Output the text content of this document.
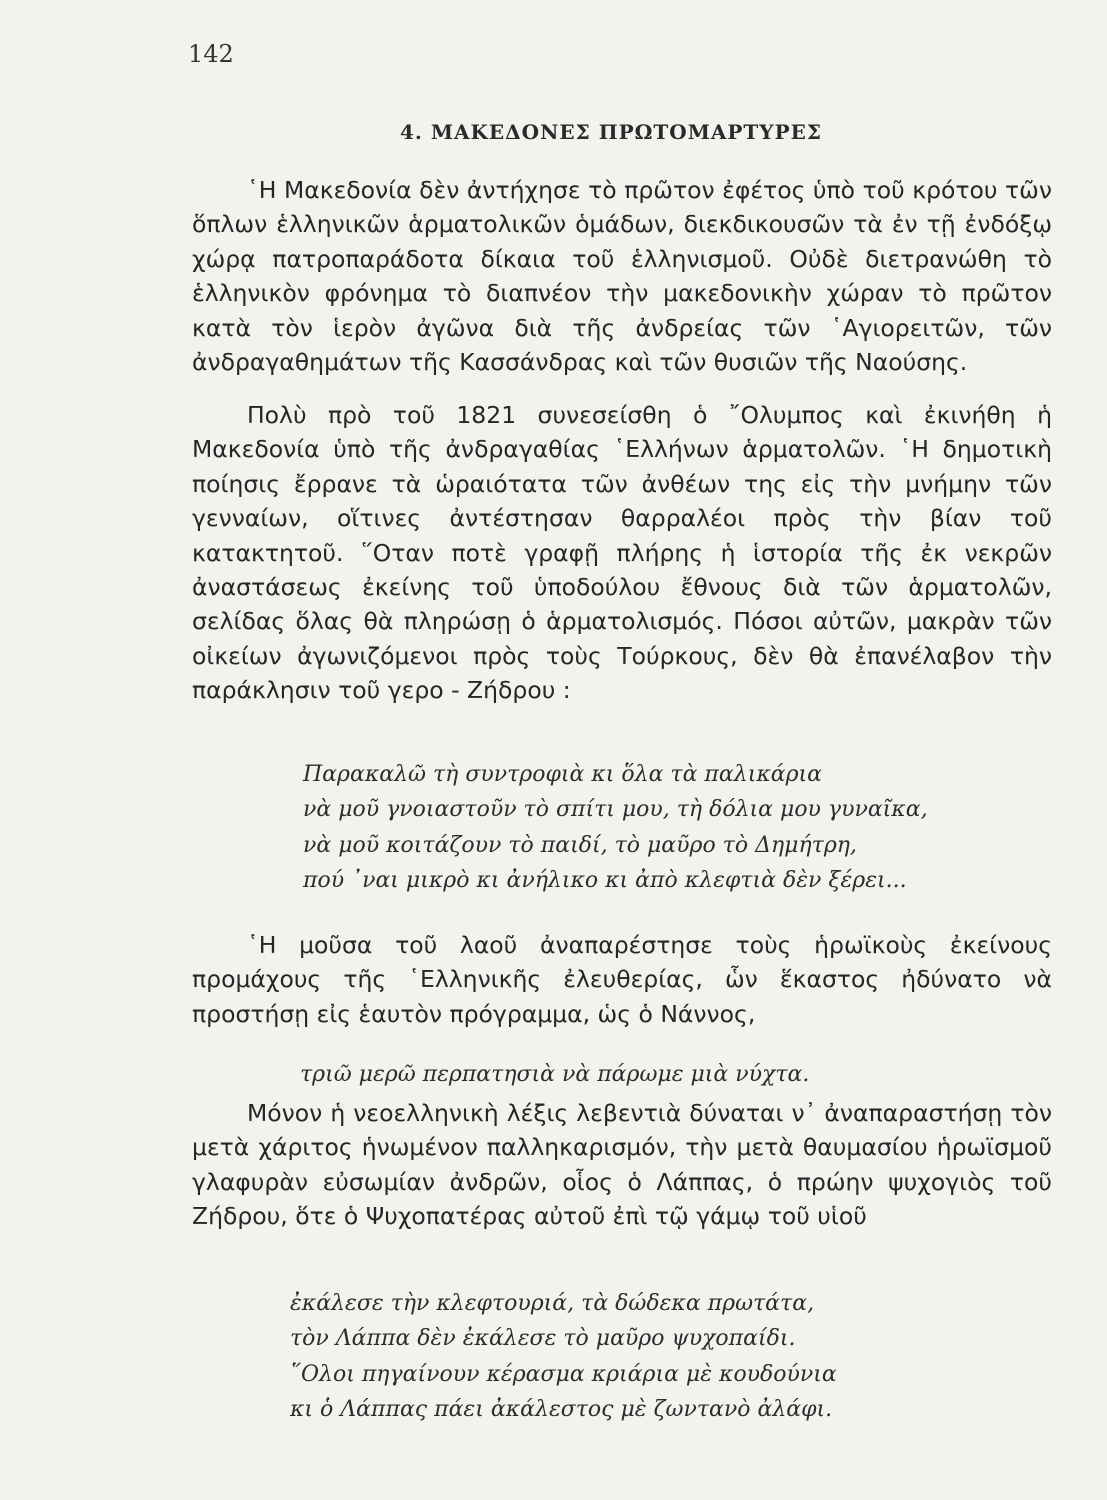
142
4. ΜΑΚΕΔΟΝΕΣ ΠΡΩΤΟΜΑΡΤΥΡΕΣ

῾Η Μακεδονία δὲν ἀντήχησε τὸ πρῶτον ἐφέτος ὑπὸ τοῦ κρότου τῶν ὅπλων ἑλληνικῶν ἁρματολικῶν ὁμάδων, διεκδικουσῶν τὰ ἐν τῇ ἐνδόξῳ χώρᾳ πατροπαράδοτα δίκαια τοῦ ἑλληνισμοῦ. Οὐδὲ διετρανώθη τὸ ἑλληνικὸν φρόνημα τὸ διαπνέον τὴν μακεδονικὴν χώραν τὸ πρῶτον κατὰ τὸν ἱερὸν ἀγῶνα διὰ τῆς ἀνδρείας τῶν ῾Αγιορειτῶν, τῶν ἀνδραγαθημάτων τῆς Κασσάνδρας καὶ τῶν θυσιῶν τῆς Ναούσης.

Πολὺ πρὸ τοῦ 1821 συνεσείσθη ὁ ῎Ολυμπος καὶ ἐκινήθη ἡ Μακεδονία ὑπὸ τῆς ἀνδραγαθίας ῾Ελλήνων ἁρματολῶν. ῾Η δημοτικὴ ποίησις ἔρρανε τὰ ὡραιότατα τῶν ἀνθέων της εἰς τὴν μνήμην τῶν γενναίων, οἵτινες ἀντέστησαν θαρραλέοι πρὸς τὴν βίαν τοῦ κατακτητοῦ. ῞Οταν ποτὲ γραφῇ πλήρης ἡ ἱστορία τῆς ἐκ νεκρῶν ἀναστάσεως ἐκείνης τοῦ ὑποδούλου ἔθνους διὰ τῶν ἁρματολῶν, σελίδας ὅλας θὰ πληρώσῃ ὁ ἁρματολισμός. Πόσοι αὐτῶν, μακρὰν τῶν οἰκείων ἀγωνιζόμενοι πρὸς τοὺς Τούρκους, δὲν θὰ ἐπανέλαβον τὴν παράκλησιν τοῦ γερο - Ζήδρου :

Παρακαλῶ τὴ συντροφιὰ κι ὅλα τὰ παλικάρια
νὰ μοῦ γνοιαστοῦν τὸ σπίτι μου, τὴ δόλια μου γυναῖκα,
νὰ μοῦ κοιτάζουν τὸ παιδί, τὸ μαῦρο τὸ Δημήτρη,
πού ᾽ναι μικρὸ κι ἀνήλικο κι ἀπὸ κλεφτιὰ δὲν ξέρει...

῾Η μοῦσα τοῦ λαοῦ ἀναπαρέστησε τοὺς ἡρωϊκοὺς ἐκείνους προμάχους τῆς ῾Ελληνικῆς ἐλευθερίας, ὧν ἕκαστος ἠδύνατο νὰ προστήσῃ εἰς ἑαυτὸν πρόγραμμα, ὡς ὁ Νάννος,

τριῶ μερῶ περπατησιὰ νὰ πάρωμε μιὰ νύχτα.

Μόνον ἡ νεοελληνικὴ λέξις λεβεντιὰ δύναται ν᾽ ἀναπαραστήσῃ τὸν μετὰ χάριτος ἡνωμένον παλληκαρισμόν, τὴν μετὰ θαυμασίου ἡρωϊσμοῦ γλαφυρὰν εὐσωμίαν ἀνδρῶν, οἷος ὁ Λάππας, ὁ πρώην ψυχογιὸς τοῦ Ζήδρου, ὅτε ὁ Ψυχοπατέρας αὐτοῦ ἐπὶ τῷ γάμῳ τοῦ υἱοῦ

ἐκάλεσε τὴν κλεφτουριά, τὰ δώδεκα πρωτάτα,
τὸν Λάππα δὲν ἐκάλεσε τὸ μαῦρο ψυχοπαίδι.
῞Ολοι πηγαίνουν κέρασμα κριάρια μὲ κουδούνια
κι ὁ Λάππας πάει ἀκάλεστος μὲ ζωντανὸ ἀλάφι.
